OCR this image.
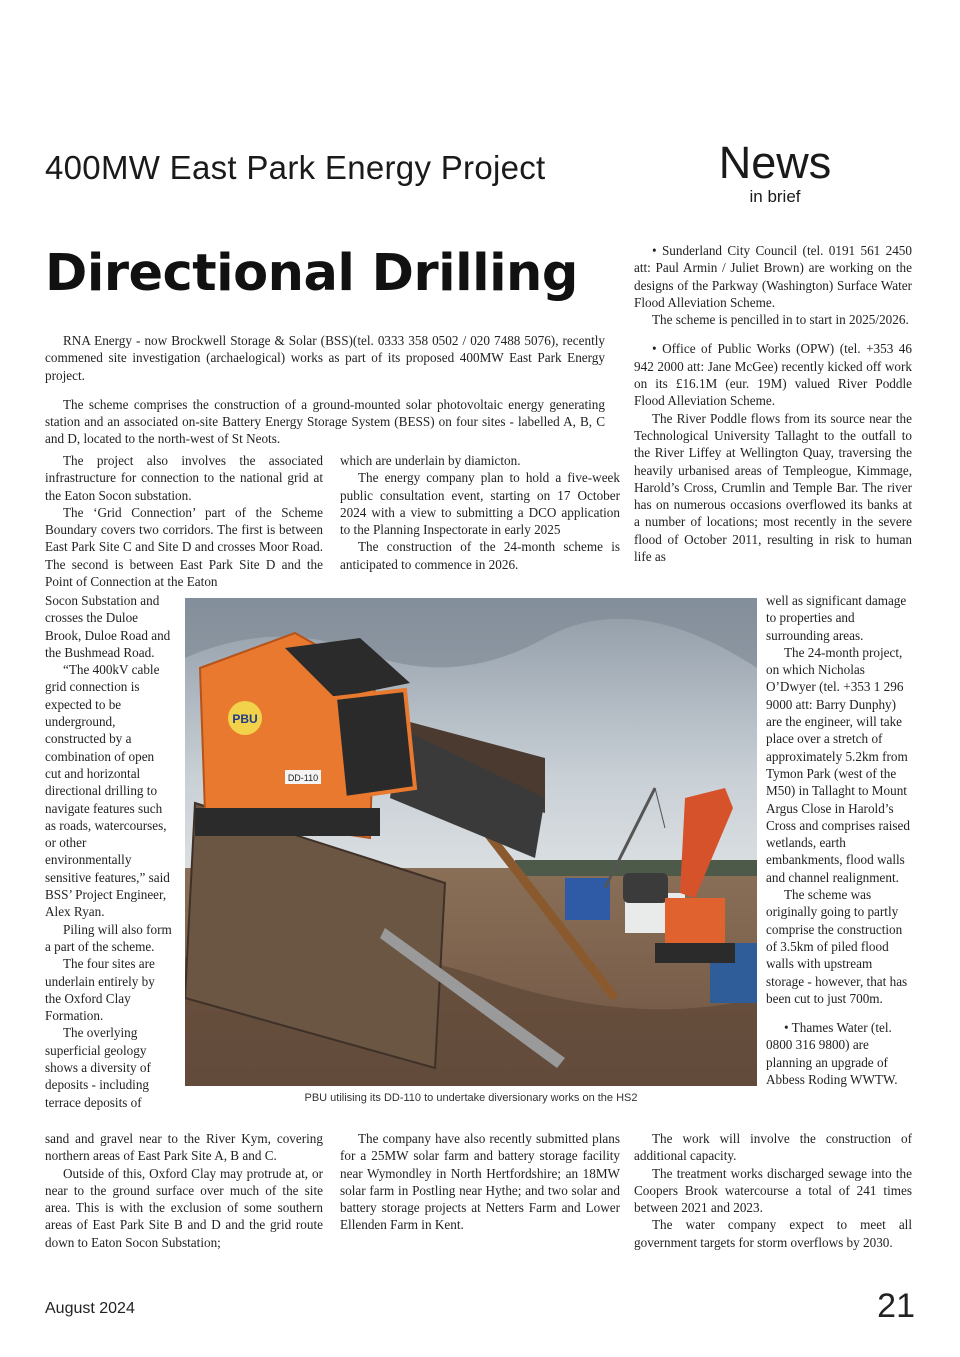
400MW East Park Energy Project
Directional Drilling
News
in brief

RNA Energy - now Brockwell Storage & Solar (BSS)(tel. 0333 358 0502 / 020 7488 5076), recently commened site investigation (archaelogical) works as part of its proposed 400MW East Park Energy project.

The scheme comprises the construction of a ground-mounted solar photovoltaic energy generating station and an associated on-site Battery Energy Storage System (BESS) on four sites - labelled A, B, C and D, located to the north-west of St Neots.

The project also involves the associated infrastructure for connection to the national grid at the Eaton Socon substation.

The ‘Grid Connection’ part of the Scheme Boundary covers two corridors. The first is between East Park Site C and Site D and crosses Moor Road. The second is between East Park Site D and the Point of Connection at the Eaton

Socon Substation and crosses the Duloe Brook, Duloe Road and the Bushmead Road.

“The 400kV cable grid connection is expected to be underground, constructed by a combination of open cut and horizontal directional drilling to navigate features such as roads, watercourses, or other environmentally sensitive features,” said BSS’ Project Engineer, Alex Ryan.

Piling will also form a part of the scheme.

The four sites are underlain entirely by the Oxford Clay Formation.

The overlying superficial geology shows a diversity of deposits - including terrace deposits of

sand and gravel near to the River Kym, covering northern areas of East Park Site A, B and C.

Outside of this, Oxford Clay may protrude at, or near to the ground surface over much of the site area. This is with the exclusion of some southern areas of East Park Site B and D and the grid route down to Eaton Socon Substation;

which are underlain by diamicton.

The energy company plan to hold a five-week public consultation event, starting on 17 October 2024 with a view to submitting a DCO application to the Planning Inspectorate in early 2025

The construction of the 24-month scheme is anticipated to commence in 2026.

The company have also recently submitted plans for a 25MW solar farm and battery storage facility near Wymondley in North Hertfordshire; an 18MW solar farm in Postling near Hythe; and two solar and battery storage projects at Netters Farm and Lower Ellenden Farm in Kent.

• Sunderland City Council (tel. 0191 561 2450 att: Paul Armin / Juliet Brown) are working on the designs of the Parkway (Washington) Surface Water Flood Alleviation Scheme.

The scheme is pencilled in to start in 2025/2026.

• Office of Public Works (OPW) (tel. +353 46 942 2000 att: Jane McGee) recently kicked off work on its £16.1M (eur. 19M) valued River Poddle Flood Alleviation Scheme.

The River Poddle flows from its source near the Technological University Tallaght to the outfall to the River Liffey at Wellington Quay, traversing the heavily urbanised areas of Templeogue, Kimmage, Harold’s Cross, Crumlin and Temple Bar. The river has on numerous occasions overflowed its banks at a number of locations; most recently in the severe flood of October 2011, resulting in risk to human life as

well as significant damage to properties and surrounding areas.

The 24-month project, on which Nicholas O’Dwyer (tel. +353 1 296 9000 att: Barry Dunphy) are the engineer, will take place over a stretch of approximately 5.2km from Tymon Park (west of the M50) in Tallaght to Mount Argus Close in Harold’s Cross and comprises raised wetlands, earth embankments, flood walls and channel realignment.

The scheme was originally going to partly comprise the construction of 3.5km of piled flood walls with upstream storage - however, that has been cut to just 700m.

• Thames Water (tel. 0800 316 9800) are planning an upgrade of Abbess Roding WWTW.

The work will involve the construction of additional capacity.

The treatment works discharged sewage into the Coopers Brook watercourse a total of 241 times between 2021 and 2023.

The water company expect to meet all government targets for storm overflows by 2030.

PBU
DD-110
PBU utilising its DD-110 to undertake diversionary works on the HS2
August 2024	21
